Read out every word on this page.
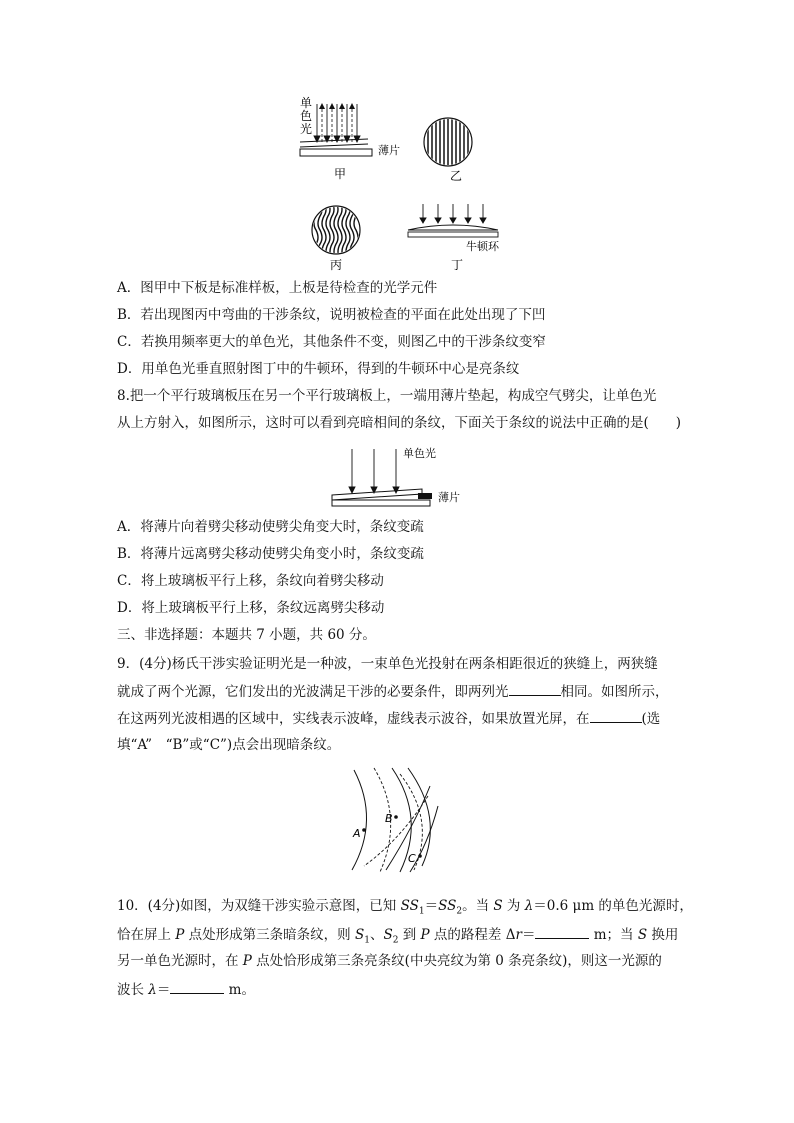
单
色
光
薄片
甲	乙
丙
牛顿环
丁
A．图甲中下板是标准样板，上板是待检查的光学元件
B．若出现图丙中弯曲的干涉条纹，说明被检查的平面在此处出现了下凹
C．若换用频率更大的单色光，其他条件不变，则图乙中的干涉条纹变窄
D．用单色光垂直照射图丁中的牛顿环，得到的牛顿环中心是亮条纹
8.把一个平行玻璃板压在另一个平行玻璃板上，一端用薄片垫起，构成空气劈尖，让单色光
从上方射入，如图所示，这时可以看到亮暗相间的条纹，下面关于条纹的说法中正确的是(　　)
单色光
薄片
A．将薄片向着劈尖移动使劈尖角变大时，条纹变疏
B．将薄片远离劈尖移动使劈尖角变小时，条纹变疏
C．将上玻璃板平行上移，条纹向着劈尖移动
D．将上玻璃板平行上移，条纹远离劈尖移动
三、非选择题：本题共 7 小题，共 60 分。
9．(4分)杨氏干涉实验证明光是一种波，一束单色光投射在两条相距很近的狭缝上，两狭缝
就成了两个光源，它们发出的光波满足干涉的必要条件，即两列光	相同。如图所示，
在这两列光波相遇的区域中，实线表示波峰，虚线表示波谷，如果放置光屏，在	(选
填“A”　“B”或“C”)点会出现暗条纹。
A
B
C
10．(4分)如图，为双缝干涉实验示意图，已知 $SS_1=SS_2$。当 S 为 λ＝0.6 μm 的单色光源时，
恰在屏上 P 点处形成第三条暗条纹，则 $S_1$、$S_2$ 到 P 点的路程差 Δr＝	m；当 S 换用
另一单色光源时，在 P 点处恰形成第三条亮条纹(中央亮纹为第 0 条亮条纹)，则这一光源的
波长 λ＝	m。
